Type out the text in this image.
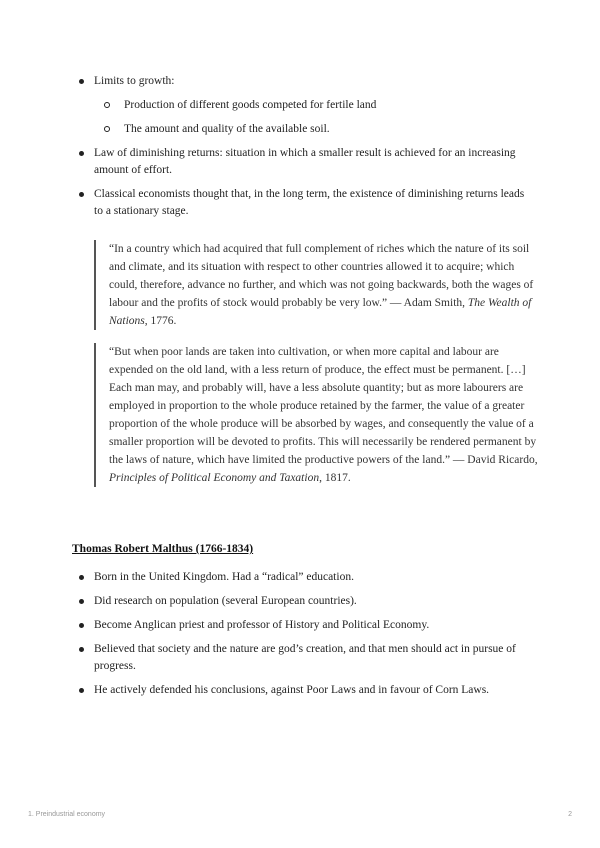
Limits to growth:
Production of different goods competed for fertile land
The amount and quality of the available soil.
Law of diminishing returns: situation in which a smaller result is achieved for an increasing amount of effort.
Classical economists thought that, in the long term, the existence of diminishing returns leads to a stationary stage.
“In a country which had acquired that full complement of riches which the nature of its soil and climate, and its situation with respect to other countries allowed it to acquire; which could, therefore, advance no further, and which was not going backwards, both the wages of labour and the profits of stock would probably be very low.” — Adam Smith, The Wealth of Nations, 1776.
“But when poor lands are taken into cultivation, or when more capital and labour are expended on the old land, with a less return of produce, the effect must be permanent. […] Each man may, and probably will, have a less absolute quantity; but as more labourers are employed in proportion to the whole produce retained by the farmer, the value of a greater proportion of the whole produce will be absorbed by wages, and consequently the value of a smaller proportion will be devoted to profits. This will necessarily be rendered permanent by the laws of nature, which have limited the productive powers of the land.” — David Ricardo, Principles of Political Economy and Taxation, 1817.
Thomas Robert Malthus (1766-1834)
Born in the United Kingdom. Had a “radical” education.
Did research on population (several European countries).
Become Anglican priest and professor of History and Political Economy.
Believed that society and the nature are god’s creation, and that men should act in pursue of progress.
He actively defended his conclusions, against Poor Laws and in favour of Corn Laws.
1. Preindustrial economy	2
